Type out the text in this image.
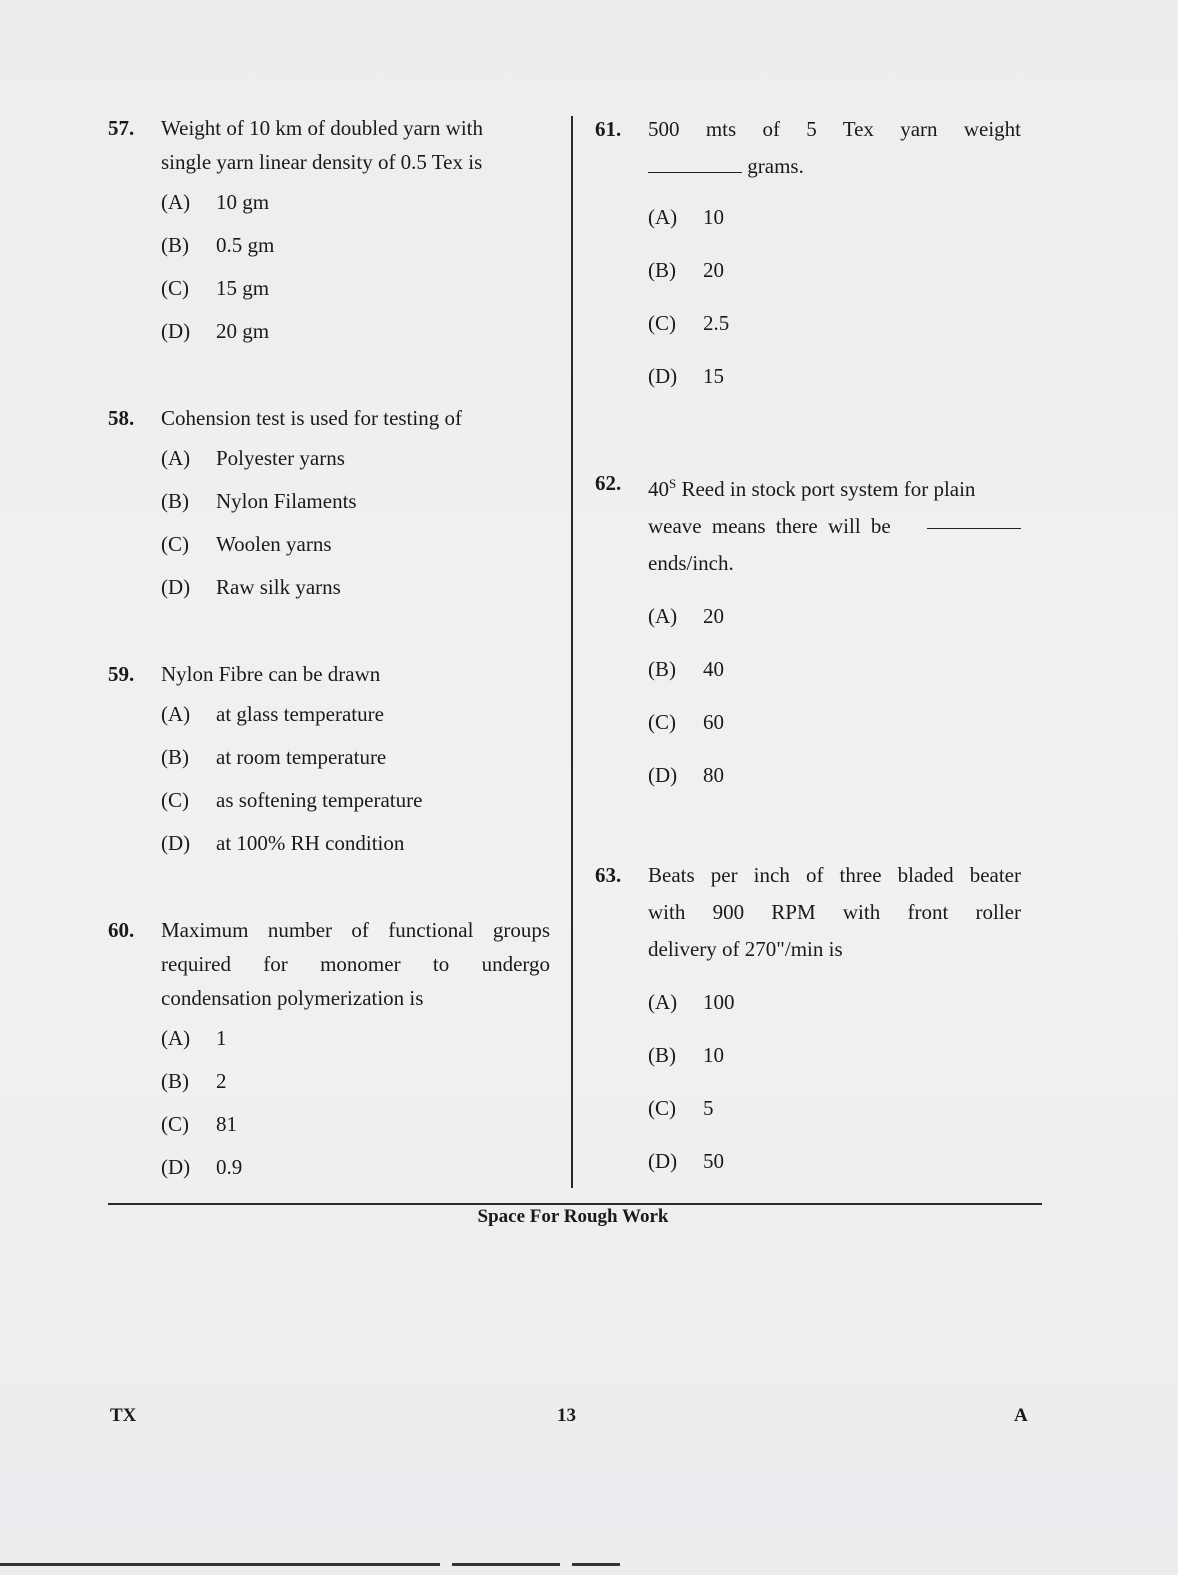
57. Weight of 10 km of doubled yarn with
single yarn linear density of 0.5 Tex is
(A) 10 gm
(B) 0.5 gm
(C) 15 gm
(D) 20 gm
58. Cohension test is used for testing of
(A) Polyester yarns
(B) Nylon Filaments
(C) Woolen yarns
(D) Raw silk yarns
59. Nylon Fibre can be drawn
(A) at glass temperature
(B) at room temperature
(C) as softening temperature
(D) at 100% RH condition
60. Maximum number of functional groups
required for monomer to undergo
condensation polymerization is
(A) 1
(B) 2
(C) 81
(D) 0.9
61. 500 mts of 5 Tex yarn weight
grams.
(A) 10
(B) 20
(C) 2.5
(D) 15
62. $40^S$ Reed in stock port system for plain
weave means there will be
ends/inch.
(A) 20
(B) 40
(C) 60
(D) 80
63. Beats per inch of three bladed beater
with 900 RPM with front roller
delivery of 270"/min is
(A) 100
(B) 10
(C) 5
(D) 50
Space For Rough Work
TX	13	A
